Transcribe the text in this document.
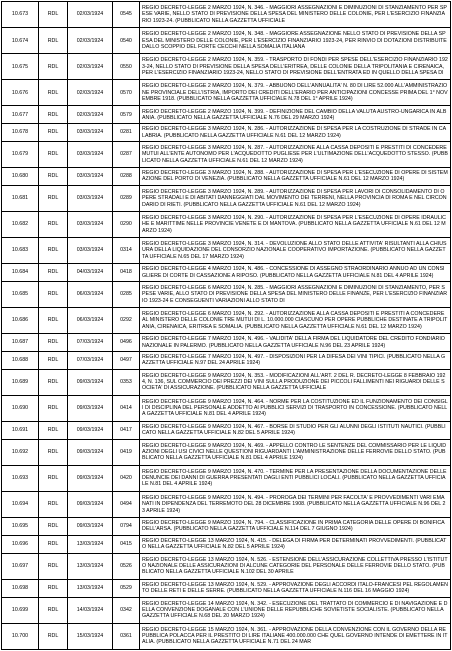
10.673	RDL	02/03/1924	0545	REGIO DECRETO-LEGGE 2 MARZO 1924, N. 346. - MAGGIORI ASSEGNAZIONI E DIMINUZIONI DI STANZIAMENTO PER SPESE VARIE, NELLO STATO DI PREVISIONE DELLA SPESA DEL MINISTERO DELLE COLONIE, PER L'ESERCIZIO FINANZIARIO 1923-24. (PUBBLICATO NELLA GAZZETTA UFFICIALE
10.674	RDL	02/03/1924	0540	REGIO DECRETO-LEGGE 2 MARZO 1924, N. 348. - MAGGIORE ASSEGNAZIONE NELLO STATO DI PREVISIONE DELLA SPESA DEL MINISTERO DELLE COLONIE, PER L'ESERCIZIO FINANZIARIO 1923-24, PER RINVIO DI DOTAZIONI DISTRIBUITE DALLO SCOPPIO DEL FORTE CECCHI NELLA SOMALIA ITALIANA
10.675	RDL	02/03/1924	0550	REGIO DECRETO-LEGGE 2 MARZO 1924, N. 359. - TRASPORTO DI FONDI PER SPESE DELL'ESERCIZIO FINANZIARIO 1923-24, NELLO STATO DI PREVISIONE DELLA SPESA DELL'ERITREA, DELLE COLONIE DELLA TRIPOLITANIA E CIRENAICA, PER L'ESERCIZIO FINANZIARIO 1923-24, NELLO STATO DI PREVISIONE DELL'ENTRATA ED IN QUELLO DELLA SPESA DI
10.676	RDL	02/03/1924	0570	REGIO DECRETO-LEGGE 2 MARZO 1924, N. 379. - ABBUONO DELL'ANNUALITA' N. 80 DI LIRE 52.000 ALL'AMMINISTRAZIONE PROVINCIALE DELL'ISTRIA, IMPORTO DEI CREDITI DELL'ERARIO PER ANTICIPAZIONI CONCESSE PRIMA DEL 1° NOVEMBRE 1918. (PUBBLICATO NELLA GAZZETTA UFFICIALE N.78 DEL 1° APRILE 1924)
10.677	RDL	02/03/1924	0579	REGIO DECRETO-LEGGE 2 MARZO 1924, N. 399. - DEFINIZIONE DEL CAMBIO DELLA VALUTA AUSTRO-UNGARICA IN ALBANIA. (PUBBLICATO NELLA GAZZETTA UFFICIALE N.76 DEL 29 MARZO 1924)
10.678	RDL	03/03/1924	0281	REGIO DECRETO-LEGGE 3 MARZO 1924, N. 286. - AUTORIZZAZIONE DI SPESA PER LA COSTRUZIONE DI STRADE IN CALABRIA. (PUBBLICATO NELLA GAZZETTA UFFICIALE N.61 DEL 12 MARZO 1924)
10.679	RDL	03/03/1924	0287	REGIO DECRETO-LEGGE 3 MARZO 1924, N. 287. - AUTORIZZAZIONE ALLA CASSA DEPOSITI E PRESTITI DI CONCEDERE MUTUI ALL'ENTE AUTONOMO PER L'ACQUEDOTTO PUGLIESE PER L'ULTIMAZIONE DELL'ACQUEDOTTO STESSO. (PUBBLICATO NELLA GAZZETTA UFFICIALE N.61 DEL 12 MARZO 1924)
10.680	RDL	03/03/1924	0288	REGIO DECRETO-LEGGE 3 MARZO 1924, N. 288. - AUTORIZZAZIONE DI SPESA PER L'ESECUZIONE DI OPERE DI SISTEMAZIONE DEL PORTO DI VENEZIA. (PUBBLICATO NELLA GAZZETTA UFFICIALE N.61 DEL 12 MARZO 1924)
10.681	RDL	03/03/1924	0289	REGIO DECRETO-LEGGE 3 MARZO 1924, N. 289. - AUTORIZZAZIONE DI SPESA PER LAVORI DI CONSOLIDAMENTO DI OPERE STRADALI E DI ABITATI DANNEGGIATI DAL MOVIMENTO DEI TERRENI, NELLA PROVINCIA DI ROMA E NEL CIRCONDARIO DI RIETI. (PUBBLICATO NELLA GAZZETTA UFFICIALE N.61 DEL 12 MARZO 1924)
10.682	RDL	03/03/1924	0290	REGIO DECRETO-LEGGE 3 MARZO 1924, N. 290. - AUTORIZZAZIONE DI SPESA PER L'ESECUZIONE DI OPERE IDRAULICHE E MARITTIME NELLE PROVINCIE VENETE E DI MANTOVA. (PUBBLICATO NELLA GAZZETTA UFFICIALE N.61 DEL 12 MARZO 1924)
10.683	RDL	03/03/1924	0314	REGIO DECRETO-LEGGE 3 MARZO 1924, N. 314. - DEVOLUZIONE ALLO STATO DELLE ATTIVITA' RISULTANTI ALLA CHIUSURA DELLA LIQUIDAZIONE DEL CONSORZIO NAZIONALE COOPERATIVO IMPORTAZIONE. (PUBBLICATO NELLA GAZZETTA UFFICIALE N.65 DEL 17 MARZO 1924)
10.684	RDL	04/03/1924	0418	REGIO DECRETO-LEGGE 4 MARZO 1924, N. 486. - CONCESSIONE DI ASSEGNO STRAORDINARIO ANNUO AD UN CONSIGLIERE DI CORTE DI CASSAZIONE A RIPOSO. (PUBBLICATO NELLA GAZZETTA UFFICIALE N.81 DEL 4 APRILE 1924)
10.685	RDL	06/03/1924	0285	REGIO DECRETO-LEGGE 6 MARZO 1924, N. 285. - MAGGIORI ASSEGNAZIONI E DIMINUZIONI DI STANZIAMENTO, PER SPESE VARIE, ALLO STATO DI PREVISIONE DELLA SPESA DEL MINISTERO DELLE FINANZE, PER L'ESERCIZIO FINANZIARIO 1923-24 E CONSEGUENTI VARIAZIONI ALLO STATO DI
10.686	RDL	06/03/1924	0292	REGIO DECRETO-LEGGE 6 MARZO 1924, N. 292. - AUTORIZZAZIONE ALLA CASSA DEPOSITI E PRESTITI A CONCEDERE AL MINISTERO DELLE COLONIE TRE MUTUI DI L. 10.000.000 CIASCUNO PER OPERE PUBBLICHE DESTINATE A TRIPOLITANIA, CIRENAICA, ERITREA E SOMALIA. (PUBBLICATO NELLA GAZZETTA UFFICIALE N.61 DEL 12 MARZO 1924)
10.687	RDL	07/03/1924	0496	REGIO DECRETO-LEGGE 7 MARZO 1924, N. 496. - VALIDITA' DELLA FIRMA DEL LIQUIDATORE DEL CREDITO FONDIARIO NAZIONALE IN PALERMO. (PUBBLICATO NELLA GAZZETTA UFFICIALE N.96 DEL 23 APRILE 1924)
10.688	RDL	07/03/1924	0497	REGIO DECRETO-LEGGE 7 MARZO 1924, N. 497. - DISPOSIZIONI PER LA DIFESA DEI VINI TIPICI. (PUBBLICATO NELLA GAZZETTA UFFICIALE N.97 DEL 24 APRILE 1924)
10.689	RDL	09/03/1924	0353	REGIO DECRETO-LEGGE 9 MARZO 1924, N. 353. - MODIFICAZIONI ALL'ART. 2 DEL R. DECRETO-LEGGE 8 FEBBRAIO 1924, N. 136, SUL COMMERCIO DEI PREZZI DEI VINI SULLA PRODUZIONE DEI PICCOLI FALLIMENTI NEI RIGUARDI DELLE SOCIETA' DI ASSICURAZIONE. (PUBBLICATO NELLA GAZZETTA UFFICIALE
10.690	RDL	09/03/1924	0414	REGIO DECRETO-LEGGE 9 MARZO 1924, N. 464. - NORME PER LA COSTITUZIONE ED IL FUNZIONAMENTO DEI CONSIGLI DI DISCIPLINA DEL PERSONALE ADDETTO AI PUBBLICI SERVIZI DI TRASPORTO IN CONCESSIONE. (PUBBLICATO NELLA GAZZETTA UFFICIALE N.81 DEL 4 APRILE 1924)
10.691	RDL	09/03/1924	0417	REGIO DECRETO-LEGGE 9 MARZO 1924, N. 467. - BORSE DI STUDIO PER GLI ALUNNI DEGLI ISTITUTI NAUTICI. (PUBBLICATO NELLA GAZZETTA UFFICIALE N.82 DEL 5 APRILE 1924)
10.692	RDL	09/03/1924	0419	REGIO DECRETO-LEGGE 9 MARZO 1924, N. 469. - APPELLO CONTRO LE SENTENZE DEL COMMISSARIO PER LE LIQUIDAZIONI DEGLI USI CIVICI NELLE QUESTIONI RIGUARDANTI L'AMMINISTRAZIONE DELLE FERROVIE DELLO STATO. (PUBBLICATO NELLA GAZZETTA UFFICIALE N.81 DEL 4 APRILE 1924)
10.693	RDL	09/03/1924	0420	REGIO DECRETO-LEGGE 9 MARZO 1924, N. 470. - TERMINE PER LA PRESENTAZIONE DELLA DOCUMENTAZIONE DELLE DENUNCIE DEI DANNI DI GUERRA PRESENTATI DAGLI ENTI PUBBLICI LOCALI. (PUBBLICATO NELLA GAZZETTA UFFICIALE N.81 DEL 4 APRILE 1924)
10.694	RDL	09/03/1924	0494	REGIO DECRETO-LEGGE 9 MARZO 1924, N. 494. - PROROGA DEI TERMINI PER FACOLTA' E PROVVEDIMENTI VARI EMANATI IN DIPENDENZA DEL TERREMOTO DEL 28 DICEMBRE 1908. (PUBBLICATO NELLA GAZZETTA UFFICIALE N.96 DEL 23 APRILE 1924)
10.695	RDL	09/03/1924	0794	REGIO DECRETO-LEGGE 9 MARZO 1924, N. 794. - CLASSIFICAZIONE IN PRIMA CATEGORIA DELLE OPERE DI BONIFICA DELL'ARSA. (PUBBLICATO NELLA GAZZETTA UFFICIALE N.114 DEL 7 GIUGNO 1924)
10.696	RDL	13/03/1924	0415	REGIO DECRETO-LEGGE 13 MARZO 1924, N. 415. - DELEGA DI FIRMA PER DETERMINATI PROVVEDIMENTI. (PUBBLICATO NELLA GAZZETTA UFFICIALE N.82 DEL 5 APRILE 1924)
10.697	RDL	13/03/1924	0526	REGIO DECRETO-LEGGE 13 MARZO 1924, N. 526. - ESTENSIONE DELL'ASSICURAZIONE COLLETTIVA PRESSO L'ISTITUTO NAZIONALE DELLE ASSICURAZIONI DI ALCUNE CATEGORIE DEL PERSONALE DELLE FERROVIE DELLO STATO. (PUBBLICATO NELLA GAZZETTA UFFICIALE N.102 DEL 30 APRILE
10.698	RDL	13/03/1924	0529	REGIO DECRETO-LEGGE 13 MARZO 1924, N. 529. - APPROVAZIONE DEGLI ACCORDI ITALO-FRANCESI PEL REGOLAMENTO DELLE RETI E DELLE SERRE. (PUBBLICATO NELLA GAZZETTA UFFICIALE N.116 DEL 16 MAGGIO 1924)
10.699	RDL	14/03/1924	0342	REGIO DECRETO-LEGGE 14 MARZO 1924, N. 342. - ESECUZIONE DEL TRATTATO DI COMMERCIO E DI NAVIGAZIONE E DELLA CONVENZIONE DOGANALE CON L'UNIONE DELLE REPUBBLICHE SOVIETISTE SOCIALISTE. (PUBBLICATO NELLA GAZZETTA UFFICIALE N.68 DEL 20 MARZO 1924)
10.700	RDL	15/03/1924	0361	REGIO DECRETO-LEGGE 15 MARZO 1924, N. 361. - APPROVAZIONE DELLA CONVENZIONE CON IL GOVERNO DELLA REPUBBLICA POLACCA PER IL PRESTITO DI LIRE ITALIANE 400.000.000 CHE QUEL GOVERNO INTENDE DI EMETTERE IN ITALIA. (PUBBLICATO NELLA GAZZETTA UFFICIALE N.71 DEL 24 MAR
